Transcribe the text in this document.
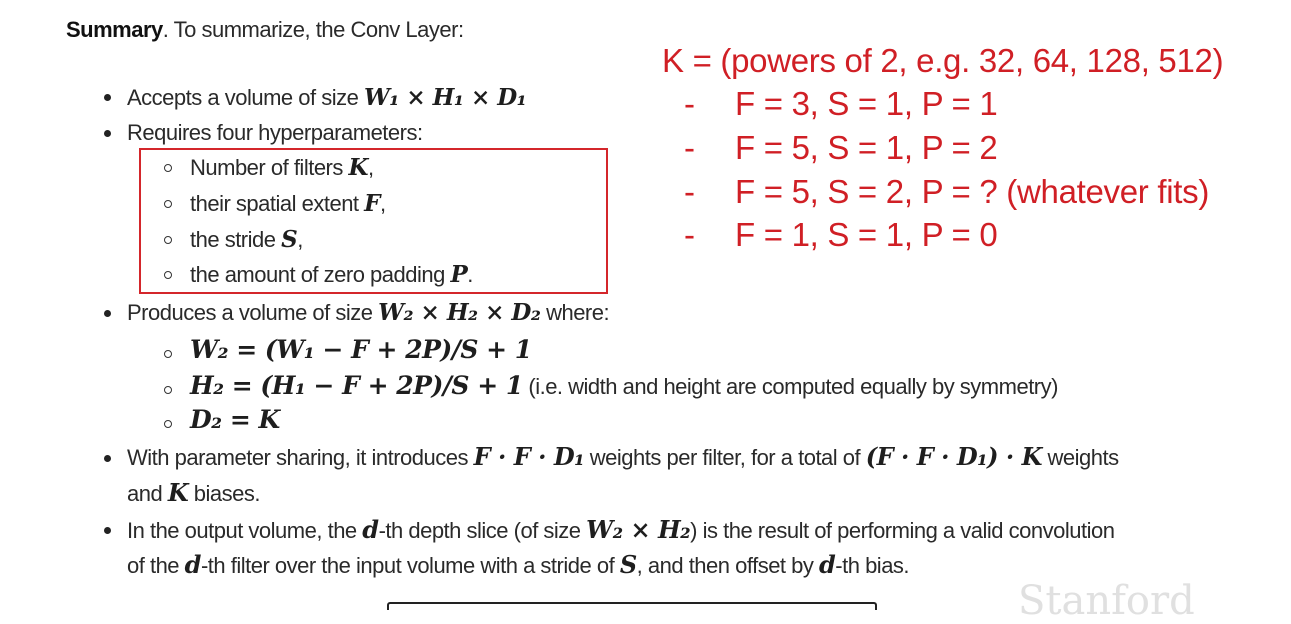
Summary. To summarize, the Conv Layer:
Accepts a volume of size W₁ × H₁ × D₁
Requires four hyperparameters:
Number of filters K,
their spatial extent F,
the stride S,
the amount of zero padding P.
Produces a volume of size W₂ × H₂ × D₂ where:
W₂ = (W₁ − F + 2P)/S + 1
H₂ = (H₁ − F + 2P)/S + 1 (i.e. width and height are computed equally by symmetry)
D₂ = K
With parameter sharing, it introduces F · F · D₁ weights per filter, for a total of (F · F · D₁) · K weights
and K biases.
In the output volume, the d-th depth slice (of size W₂ × H₂) is the result of performing a valid convolution
of the d-th filter over the input volume with a stride of S, and then offset by d-th bias.
K = (powers of 2, e.g. 32, 64, 128, 512)
- F = 3, S = 1, P = 1
- F = 5, S = 1, P = 2
- F = 5, S = 2, P = ? (whatever fits)
- F = 1, S = 1, P = 0
Stanford
